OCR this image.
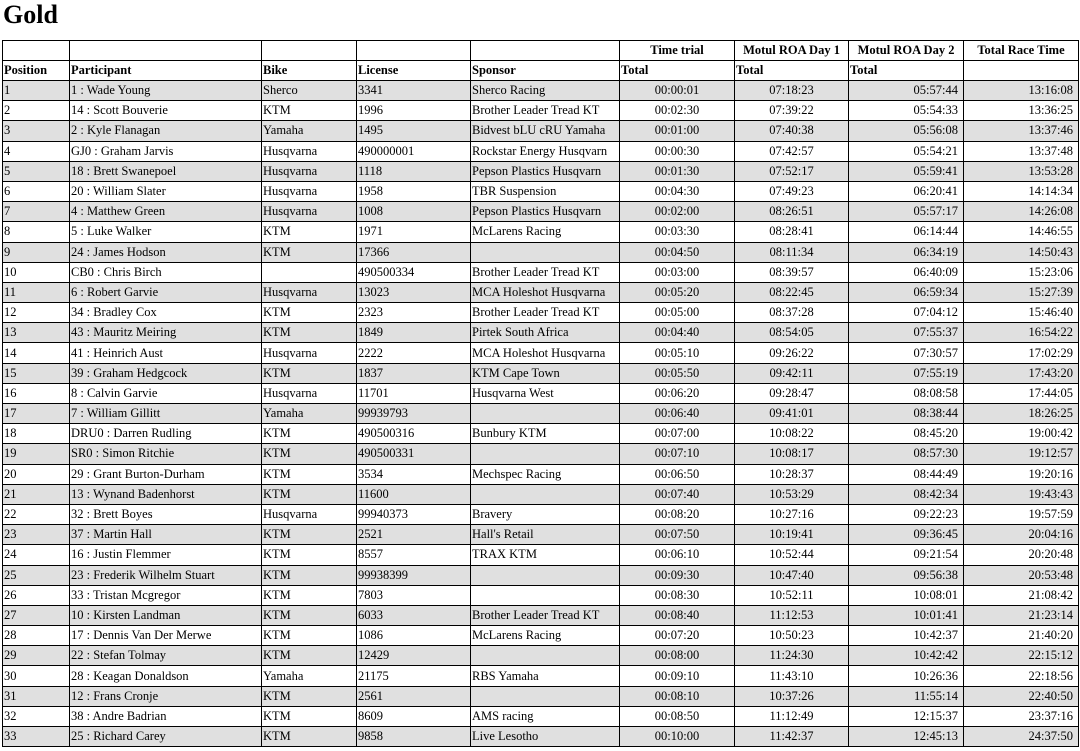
Gold
					Time trial	Motul ROA Day 1	Motul ROA Day 2	Total Race Time
Position	Participant	Bike	License	Sponsor	Total	Total	Total	
1	1 : Wade Young	Sherco	3341	Sherco Racing	00:00:01	07:18:23	05:57:44	13:16:08
2	14 : Scott Bouverie	KTM	1996	Brother Leader Tread KT	00:02:30	07:39:22	05:54:33	13:36:25
3	2 : Kyle Flanagan	Yamaha	1495	Bidvest bLU cRU Yamaha	00:01:00	07:40:38	05:56:08	13:37:46
4	GJ0 : Graham Jarvis	Husqvarna	490000001	Rockstar Energy Husqvarn	00:00:30	07:42:57	05:54:21	13:37:48
5	18 : Brett Swanepoel	Husqvarna	1118	Pepson Plastics Husqvarn	00:01:30	07:52:17	05:59:41	13:53:28
6	20 : William Slater	Husqvarna	1958	TBR Suspension	00:04:30	07:49:23	06:20:41	14:14:34
7	4 : Matthew Green	Husqvarna	1008	Pepson Plastics Husqvarn	00:02:00	08:26:51	05:57:17	14:26:08
8	5 : Luke Walker	KTM	1971	McLarens Racing	00:03:30	08:28:41	06:14:44	14:46:55
9	24 : James Hodson	KTM	17366		00:04:50	08:11:34	06:34:19	14:50:43
10	CB0 : Chris Birch		490500334	Brother Leader Tread KT	00:03:00	08:39:57	06:40:09	15:23:06
11	6 : Robert Garvie	Husqvarna	13023	MCA Holeshot Husqvarna	00:05:20	08:22:45	06:59:34	15:27:39
12	34 : Bradley Cox	KTM	2323	Brother Leader Tread KT	00:05:00	08:37:28	07:04:12	15:46:40
13	43 : Mauritz Meiring	KTM	1849	Pirtek South Africa	00:04:40	08:54:05	07:55:37	16:54:22
14	41 : Heinrich Aust	Husqvarna	2222	MCA Holeshot Husqvarna	00:05:10	09:26:22	07:30:57	17:02:29
15	39 : Graham Hedgcock	KTM	1837	KTM Cape Town	00:05:50	09:42:11	07:55:19	17:43:20
16	8 : Calvin Garvie	Husqvarna	11701	Husqvarna West	00:06:20	09:28:47	08:08:58	17:44:05
17	7 : William Gillitt	Yamaha	99939793		00:06:40	09:41:01	08:38:44	18:26:25
18	DRU0 : Darren Rudling	KTM	490500316	Bunbury KTM	00:07:00	10:08:22	08:45:20	19:00:42
19	SR0 : Simon Ritchie	KTM	490500331		00:07:10	10:08:17	08:57:30	19:12:57
20	29 : Grant Burton-Durham	KTM	3534	Mechspec Racing	00:06:50	10:28:37	08:44:49	19:20:16
21	13 : Wynand Badenhorst	KTM	11600		00:07:40	10:53:29	08:42:34	19:43:43
22	32 : Brett Boyes	Husqvarna	99940373	Bravery	00:08:20	10:27:16	09:22:23	19:57:59
23	37 : Martin Hall	KTM	2521	Hall's Retail	00:07:50	10:19:41	09:36:45	20:04:16
24	16 : Justin Flemmer	KTM	8557	TRAX KTM	00:06:10	10:52:44	09:21:54	20:20:48
25	23 : Frederik Wilhelm Stuart	KTM	99938399		00:09:30	10:47:40	09:56:38	20:53:48
26	33 : Tristan Mcgregor	KTM	7803		00:08:30	10:52:11	10:08:01	21:08:42
27	10 : Kirsten Landman	KTM	6033	Brother Leader Tread KT	00:08:40	11:12:53	10:01:41	21:23:14
28	17 : Dennis Van Der Merwe	KTM	1086	McLarens Racing	00:07:20	10:50:23	10:42:37	21:40:20
29	22 : Stefan Tolmay	KTM	12429		00:08:00	11:24:30	10:42:42	22:15:12
30	28 : Keagan Donaldson	Yamaha	21175	RBS Yamaha	00:09:10	11:43:10	10:26:36	22:18:56
31	12 : Frans Cronje	KTM	2561		00:08:10	10:37:26	11:55:14	22:40:50
32	38 : Andre Badrian	KTM	8609	AMS racing	00:08:50	11:12:49	12:15:37	23:37:16
33	25 : Richard Carey	KTM	9858	Live Lesotho	00:10:00	11:42:37	12:45:13	24:37:50
